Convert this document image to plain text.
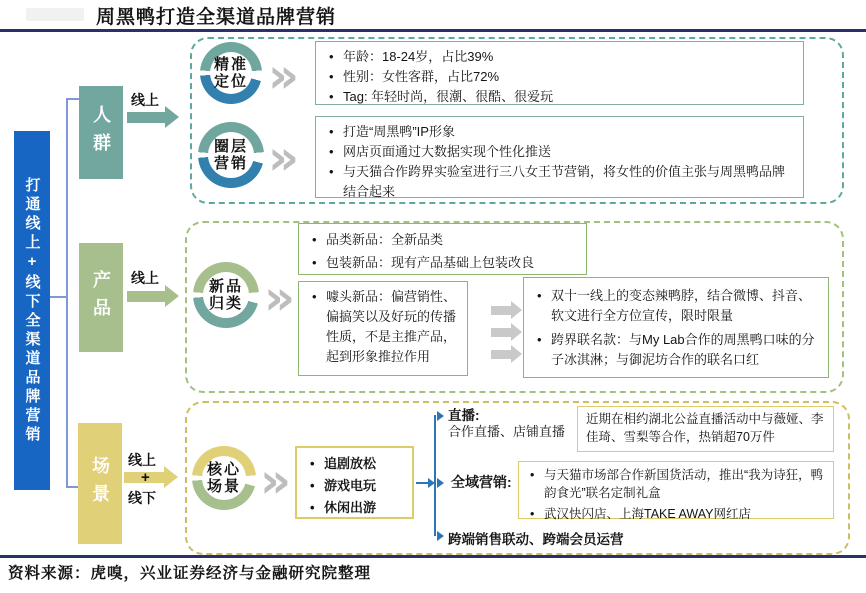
周黑鸭打造全渠道品牌营销
打通线上+线下全渠道品牌营销
人群
产品
场景
线上
线上
线上
+
线下
精准
定位 »	• 年龄：18-24岁，占比39%
• 性别：女性客群，占比72%
• Tag: 年轻时尚，很潮、很酷、很爱玩
圈层
营销 »	• 打造“周黑鸭”IP形象
• 网店页面通过大数据实现个性化推送
• 与天猫合作跨界实验室进行三八女王节营销，将女性的价值主张与周黑鸭品牌结合起来
新品
归类 »
• 品类新品：全新品类
• 包装新品：现有产品基础上包装改良
• 噱头新品：偏营销性、偏搞笑以及好玩的传播性质，不是主推产品，起到形象推拉作用
• 双十一线上的变态辣鸭脖，结合微博、抖音、软文进行全方位宣传，限时限量
• 跨界联名款：与My Lab合作的周黑鸭口味的分子冰淇淋；与御泥坊合作的联名口红
核心
场景 »	• 追剧放松
• 游戏电玩
• 休闲出游
直播:
合作直播、店铺直播
近期在相约湖北公益直播活动中与薇娅、李佳琦、雪梨等合作，热销超70万件
全域营销:	• 与天猫市场部合作新国货活动，推出“我为诗狂，鸭韵食光”联名定制礼盒
• 武汉快闪店、上海TAKE AWAY网红店
跨端销售联动、跨端会员运营
资料来源：虎嗅，兴业证券经济与金融研究院整理
